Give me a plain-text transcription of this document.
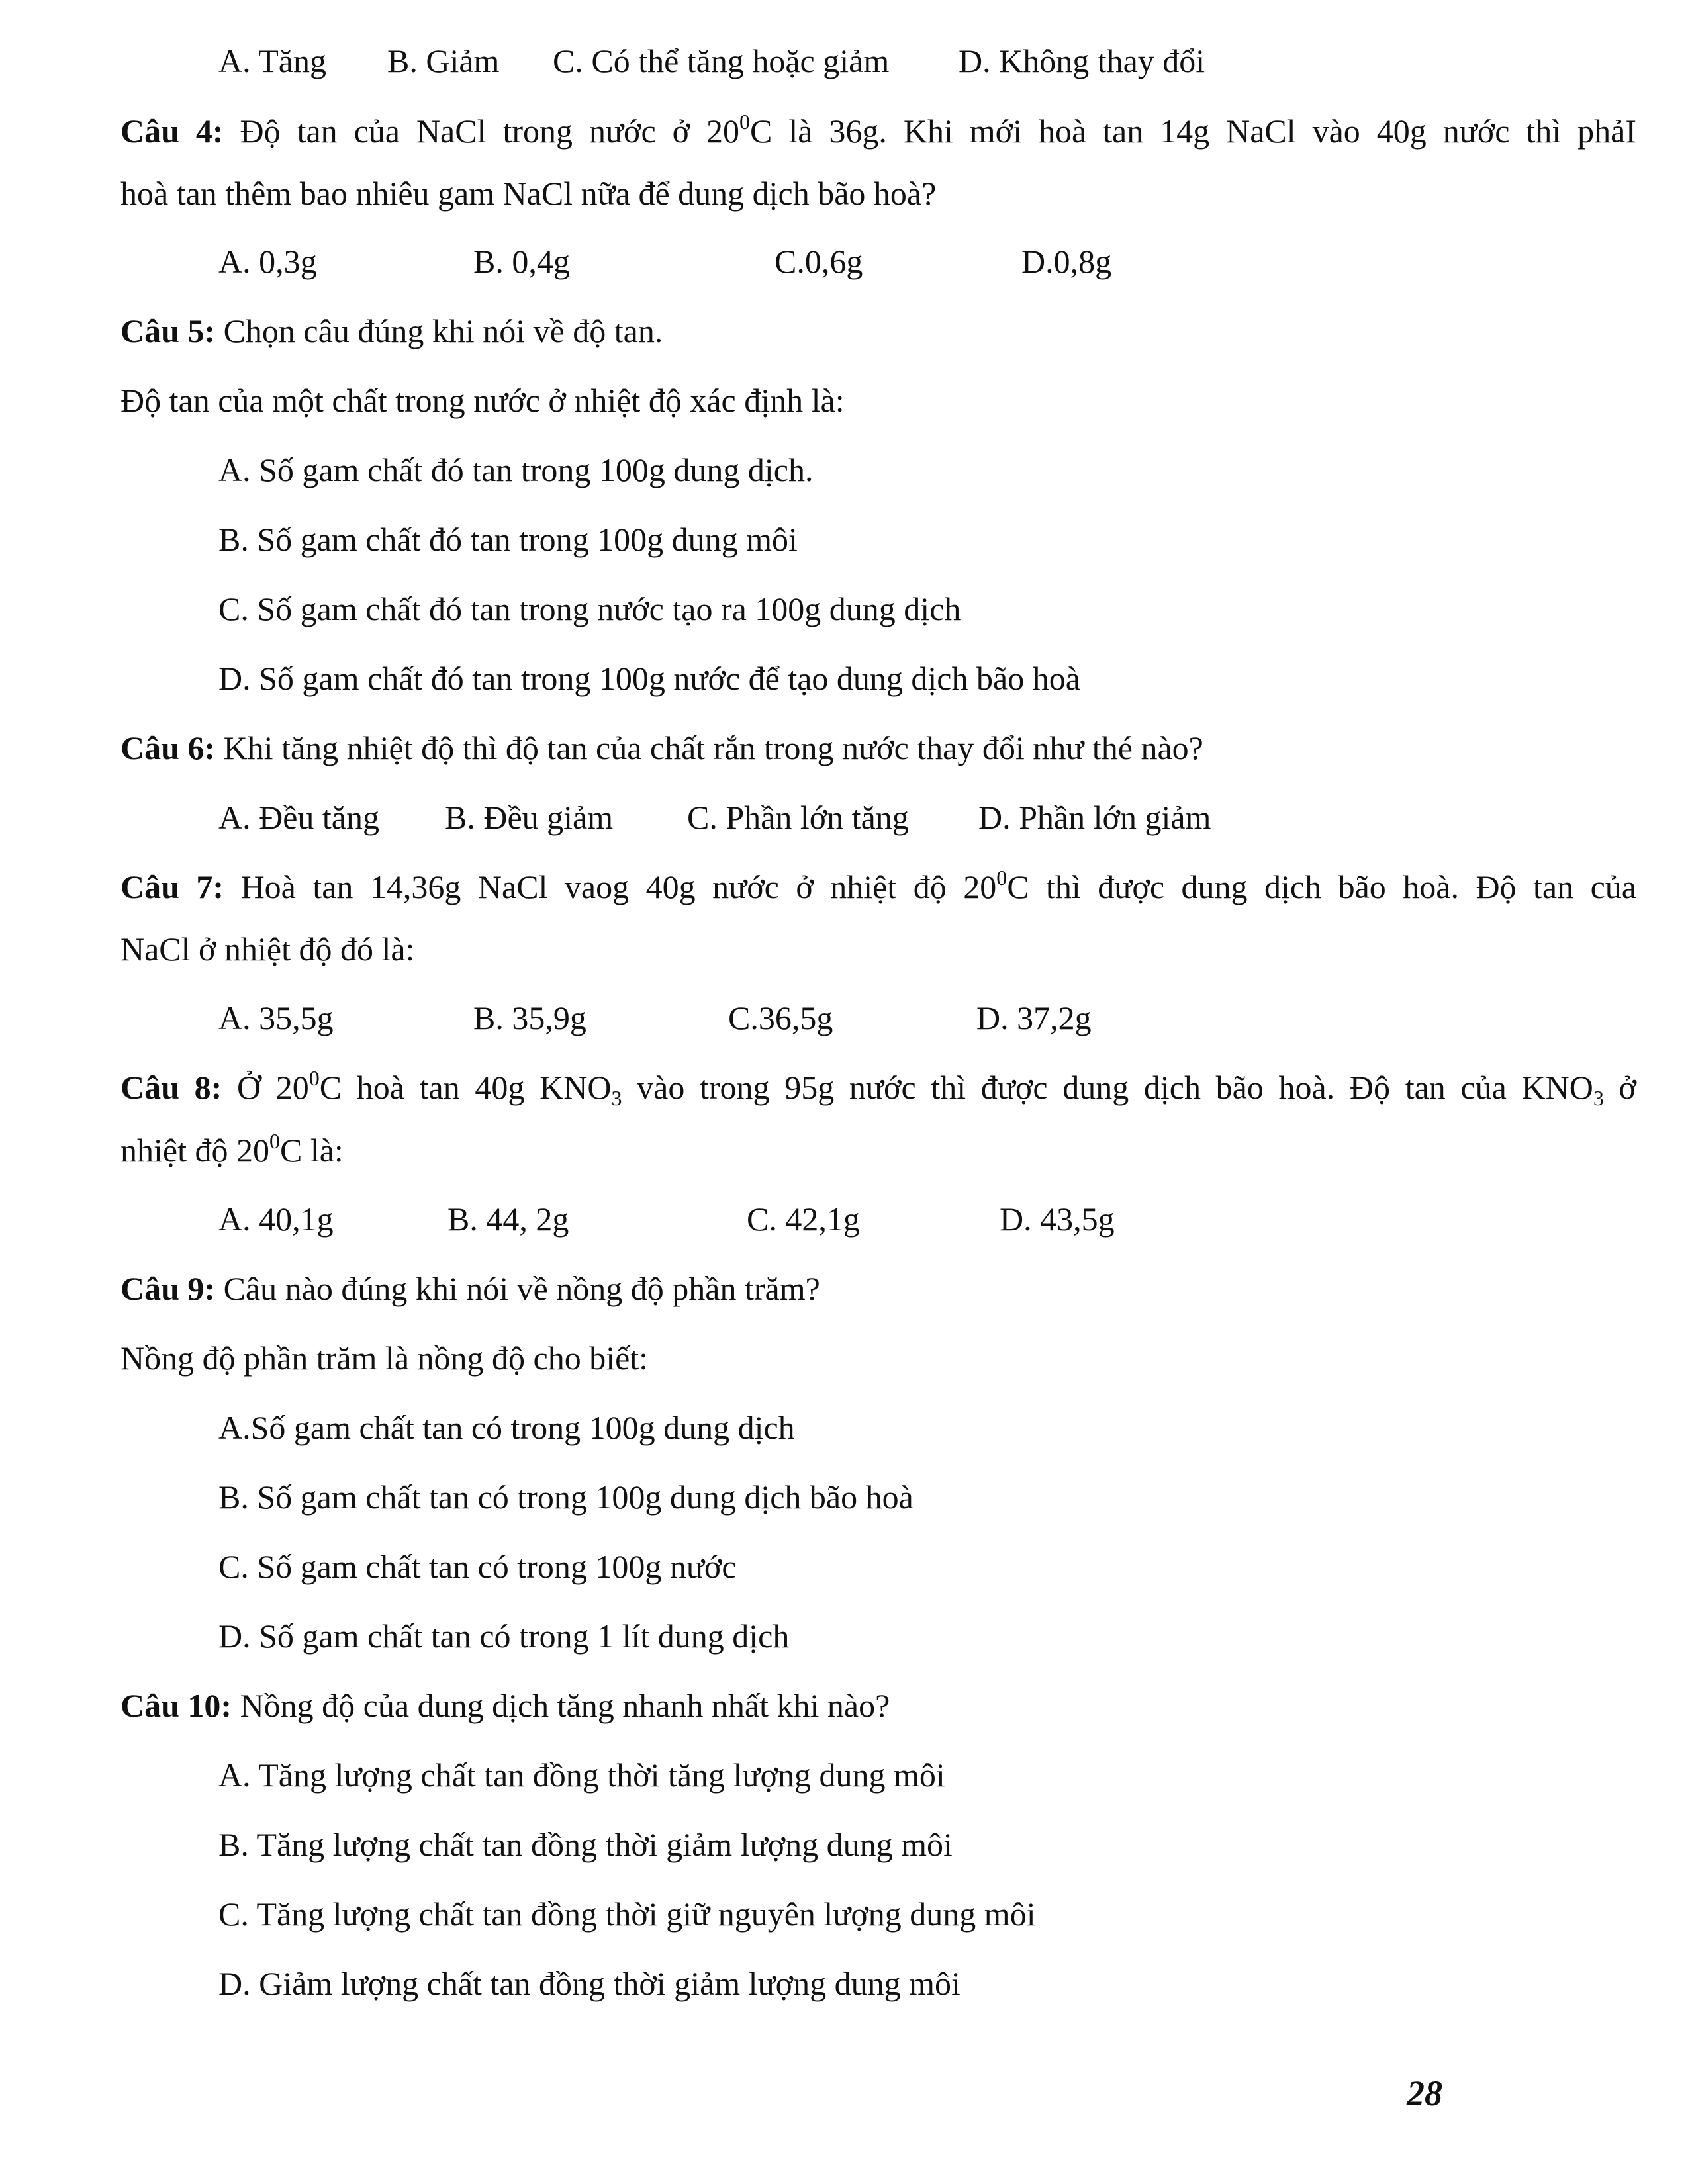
A. Tăng B. Giảm C. Có thể tăng hoặc giảm D. Không thay đổi
Câu 4: Độ tan của NaCl trong nước ở $20^0C$ là 36g. Khi mới hoà tan 14g NaCl vào 40g nước thì phảI
hoà tan thêm bao nhiêu gam NaCl nữa để dung dịch bão hoà?
A. 0,3g	B. 0,4g	C.0,6g	D.0,8g
Câu 5: Chọn câu đúng khi nói về độ tan.
Độ tan của một chất trong nước ở nhiệt độ xác định là:
A. Số gam chất đó tan trong 100g dung dịch.
B. Số gam chất đó tan trong 100g dung môi
C. Số gam chất đó tan trong nước tạo ra 100g dung dịch
D. Số gam chất đó tan trong 100g nước để tạo dung dịch bão hoà
Câu 6: Khi tăng nhiệt độ thì độ tan của chất rắn trong nước thay đổi như thé nào?
A. Đều tăng B. Đều giảm C. Phần lớn tăng D. Phần lớn giảm
Câu 7: Hoà tan 14,36g NaCl vaog 40g nước ở nhiệt độ $20^0C$ thì được dung dịch bão hoà. Độ tan của
NaCl ở nhiệt độ đó là:
A. 35,5g	B. 35,9g	C.36,5g	D. 37,2g
Câu 8: Ở $20^0C$ hoà tan 40g $KNO_3$ vào trong 95g nước thì được dung dịch bão hoà. Độ tan của $KNO_3$ ở
nhiệt độ $20^0C$ là:
A. 40,1g	B. 44, 2g	C. 42,1g	D. 43,5g
Câu 9: Câu nào đúng khi nói về nồng độ phần trăm?
Nồng độ phần trăm là nồng độ cho biết:
A.Số gam chất tan có trong 100g dung dịch
B. Số gam chất tan có trong 100g dung dịch bão hoà
C. Số gam chất tan có trong 100g nước
D. Số gam chất tan có trong 1 lít dung dịch
Câu 10: Nồng độ của dung dịch tăng nhanh nhất khi nào?
A. Tăng lượng chất tan đồng thời tăng lượng dung môi
B. Tăng lượng chất tan đồng thời giảm lượng dung môi
C. Tăng lượng chất tan đồng thời giữ nguyên lượng dung môi
D. Giảm lượng chất tan đồng thời giảm lượng dung môi
28
